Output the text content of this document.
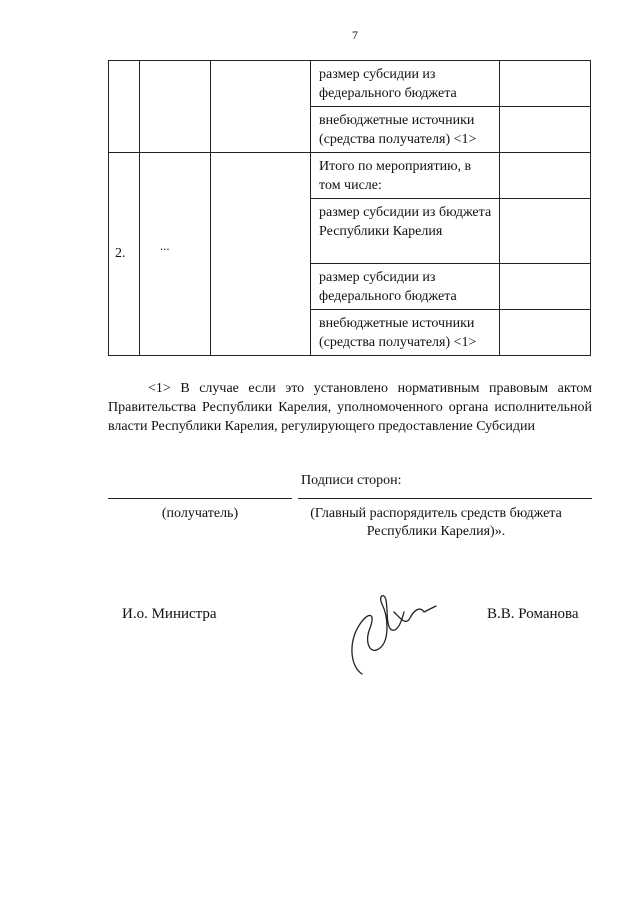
7
			размер субсидии из федерального бюджета	
			внебюджетные источники (средства получателя) <1>	
2.	...		Итого по мероприятию, в том числе:	
			размер субсидии из бюджета Республики Карелия	
			размер субсидии из федерального бюджета	
			внебюджетные источники (средства получателя) <1>	
<1> В случае если это установлено нормативным правовым актом Правительства Республики Карелия, уполномоченного органа исполнительной власти Республики Карелия, регулирующего предоставление Субсидии
Подписи сторон:
(получатель)	(Главный распорядитель средств бюджета
Республики Карелия)».
И.о. Министра	В.В. Романова
